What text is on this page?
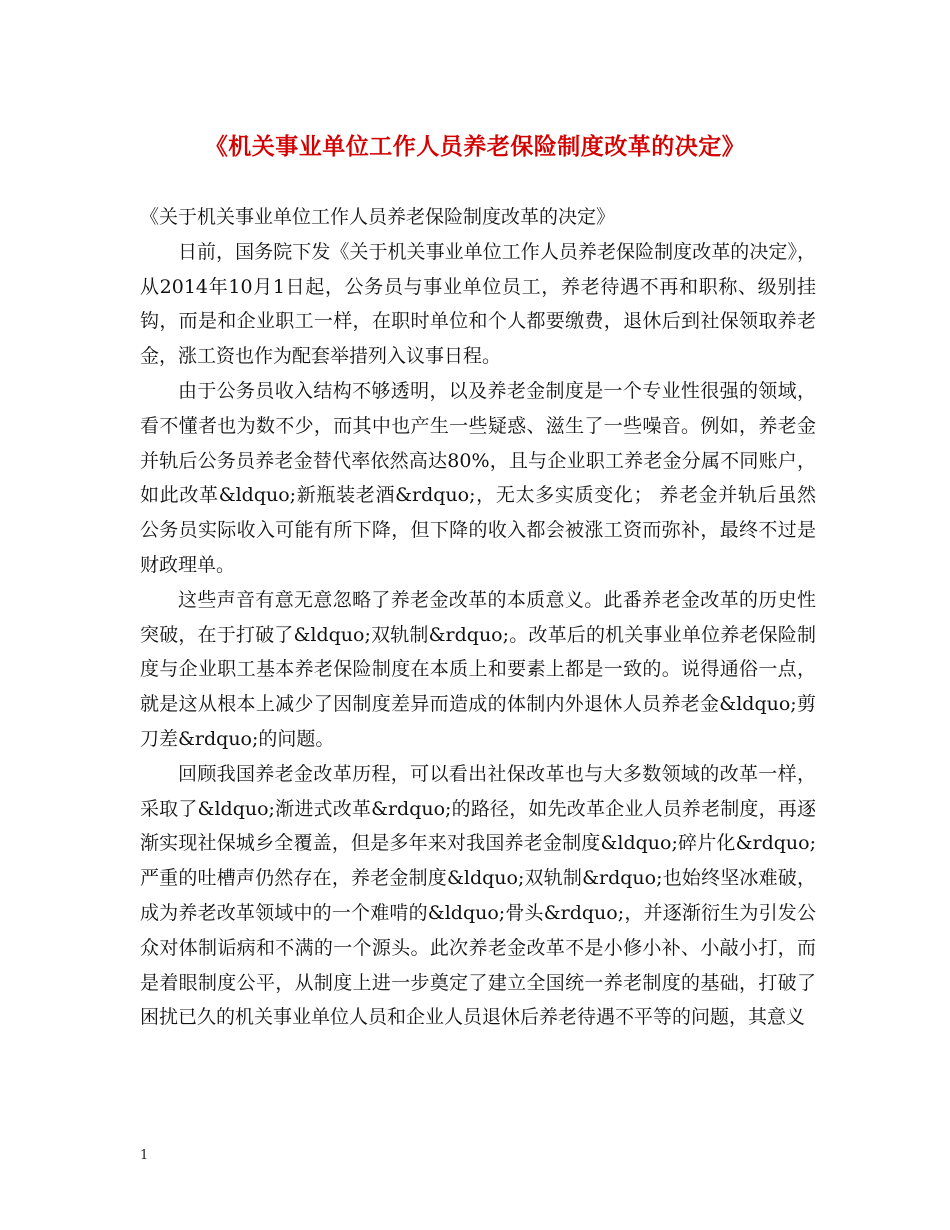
《机关事业单位工作人员养老保险制度改革的决定》

《关于机关事业单位工作人员养老保险制度改革的决定》

日前，国务院下发《关于机关事业单位工作人员养老保险制度改革的决定》，从2014年10月1日起，公务员与事业单位员工，养老待遇不再和职称、级别挂钩，而是和企业职工一样，在职时单位和个人都要缴费，退休后到社保领取养老金，涨工资也作为配套举措列入议事日程。

由于公务员收入结构不够透明，以及养老金制度是一个专业性很强的领域，看不懂者也为数不少，而其中也产生一些疑惑、滋生了一些噪音。例如，养老金并轨后公务员养老金替代率依然高达80%，且与企业职工养老金分属不同账户，如此改革&ldquo;新瓶装老酒&rdquo;，无太多实质变化； 养老金并轨后虽然公务员实际收入可能有所下降，但下降的收入都会被涨工资而弥补，最终不过是财政理单。

这些声音有意无意忽略了养老金改革的本质意义。此番养老金改革的历史性突破，在于打破了&ldquo;双轨制&rdquo;。改革后的机关事业单位养老保险制度与企业职工基本养老保险制度在本质上和要素上都是一致的。说得通俗一点，就是这从根本上减少了因制度差异而造成的体制内外退休人员养老金&ldquo;剪刀差&rdquo;的问题。

回顾我国养老金改革历程，可以看出社保改革也与大多数领域的改革一样，采取了&ldquo;渐进式改革&rdquo;的路径，如先改革企业人员养老制度，再逐渐实现社保城乡全覆盖，但是多年来对我国养老金制度&ldquo;碎片化&rdquo;严重的吐槽声仍然存在，养老金制度&ldquo;双轨制&rdquo;也始终坚冰难破，成为养老改革领域中的一个难啃的&ldquo;骨头&rdquo;，并逐渐衍生为引发公众对体制诟病和不满的一个源头。此次养老金改革不是小修小补、小敲小打，而是着眼制度公平，从制度上进一步奠定了建立全国统一养老制度的基础，打破了困扰已久的机关事业单位人员和企业人员退休后养老待遇不平等的问题，其意义

1
